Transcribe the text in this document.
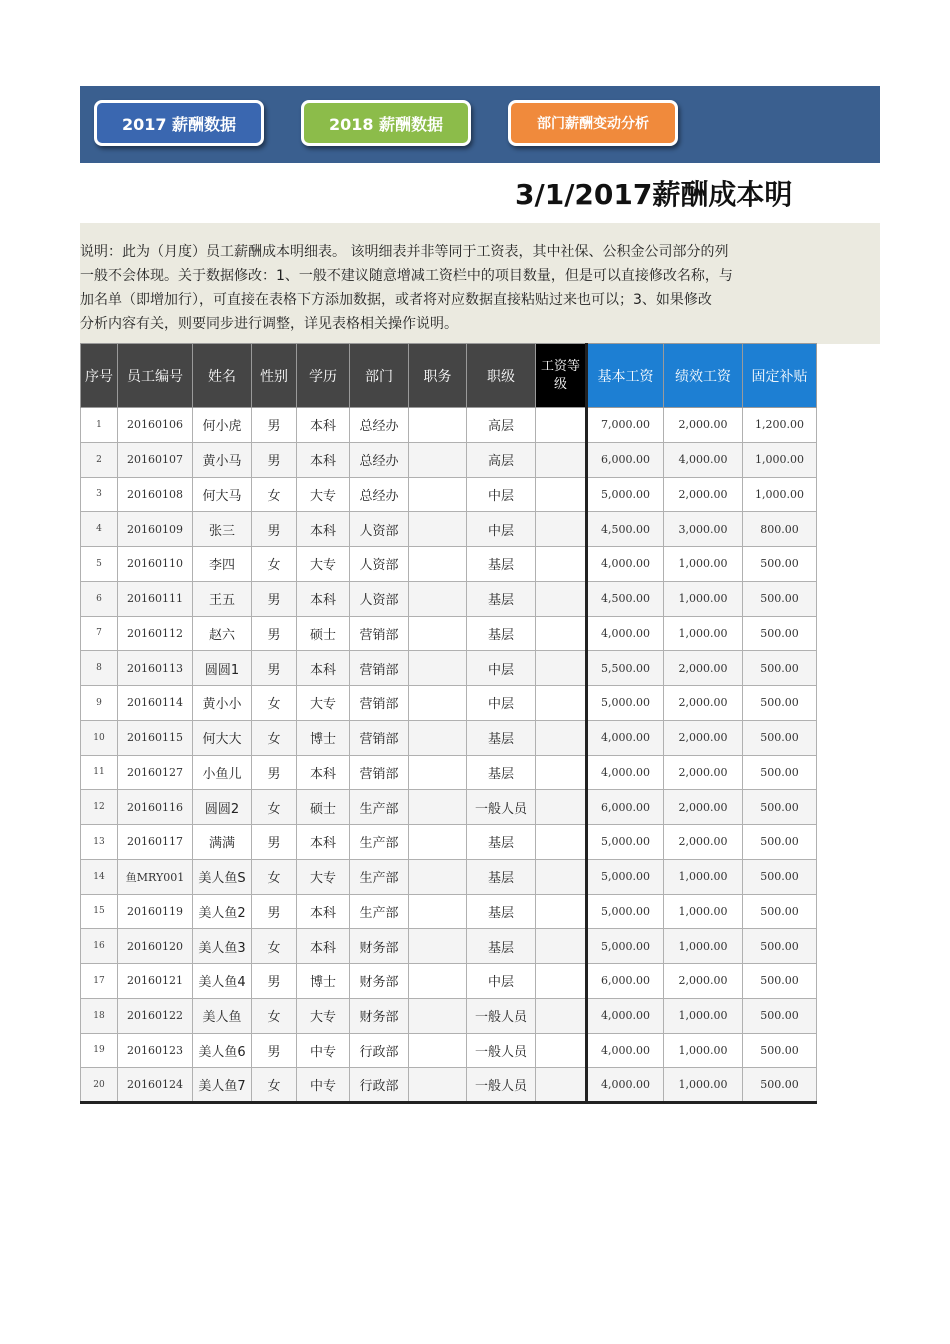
2017 薪酬数据	2018 薪酬数据	部门薪酬变动分析
3/1/2017薪酬成本明
说明：此为（月度）员工薪酬成本明细表。 该明细表并非等同于工资表，其中社保、公积金公司部分的列
一般不会体现。关于数据修改：1、一般不建议随意增减工资栏中的项目数量，但是可以直接修改名称，与
加名单（即增加行），可直接在表格下方添加数据，或者将对应数据直接粘贴过来也可以；3、如果修改
分析内容有关，则要同步进行调整，详见表格相关操作说明。
序号	员工编号	姓名	性别	学历	部门	职务	职级	工资等级	基本工资	绩效工资	固定补贴
1	20160106	何小虎	男	本科	总经办		高层		7,000.00	2,000.00	1,200.00
2	20160107	黄小马	男	本科	总经办		高层		6,000.00	4,000.00	1,000.00
3	20160108	何大马	女	大专	总经办		中层		5,000.00	2,000.00	1,000.00
4	20160109	张三	男	本科	人资部		中层		4,500.00	3,000.00	800.00
5	20160110	李四	女	大专	人资部		基层		4,000.00	1,000.00	500.00
6	20160111	王五	男	本科	人资部		基层		4,500.00	1,000.00	500.00
7	20160112	赵六	男	硕士	营销部		基层		4,000.00	1,000.00	500.00
8	20160113	圆圆1	男	本科	营销部		中层		5,500.00	2,000.00	500.00
9	20160114	黄小小	女	大专	营销部		中层		5,000.00	2,000.00	500.00
10	20160115	何大大	女	博士	营销部		基层		4,000.00	2,000.00	500.00
11	20160127	小鱼儿	男	本科	营销部		基层		4,000.00	2,000.00	500.00
12	20160116	圆圆2	女	硕士	生产部		一般人员		6,000.00	2,000.00	500.00
13	20160117	满满	男	本科	生产部		基层		5,000.00	2,000.00	500.00
14	鱼MRY001	美人鱼S	女	大专	生产部		基层		5,000.00	1,000.00	500.00
15	20160119	美人鱼2	男	本科	生产部		基层		5,000.00	1,000.00	500.00
16	20160120	美人鱼3	女	本科	财务部		基层		5,000.00	1,000.00	500.00
17	20160121	美人鱼4	男	博士	财务部		中层		6,000.00	2,000.00	500.00
18	20160122	美人鱼	女	大专	财务部		一般人员		4,000.00	1,000.00	500.00
19	20160123	美人鱼6	男	中专	行政部		一般人员		4,000.00	1,000.00	500.00
20	20160124	美人鱼7	女	中专	行政部		一般人员		4,000.00	1,000.00	500.00
